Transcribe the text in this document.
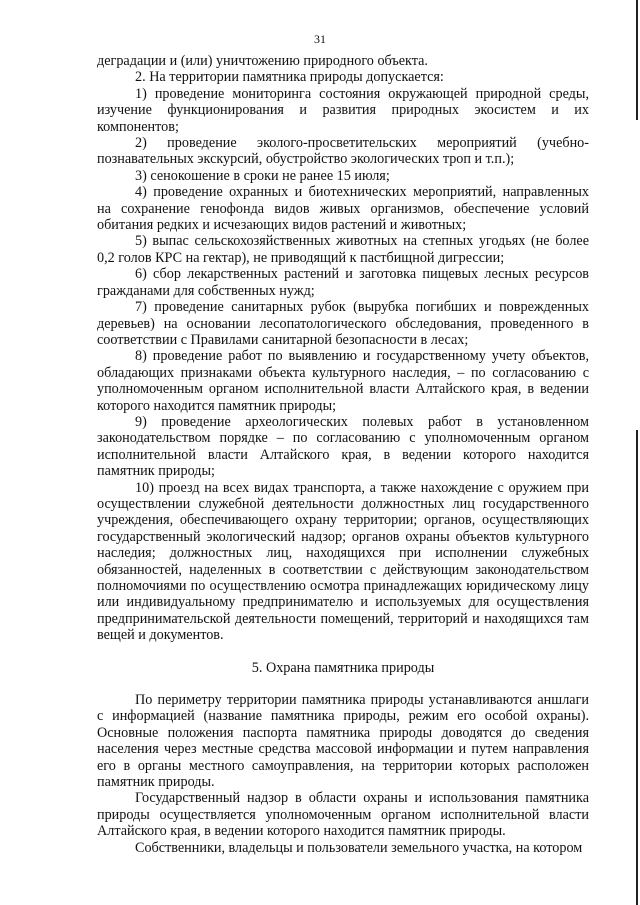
31

деградации и (или) уничтожению природного объекта.

2. На территории памятника природы допускается:

1) проведение мониторинга состояния окружающей природной среды, изучение функционирования и развития природных экосистем и их компонентов;

2) проведение эколого-просветительских мероприятий (учебно-познавательных экскурсий, обустройство экологических троп и т.п.);

3) сенокошение в сроки не ранее 15 июля;

4) проведение охранных и биотехнических мероприятий, направленных на сохранение генофонда видов живых организмов, обеспечение условий обитания редких и исчезающих видов растений и животных;

5) выпас сельскохозяйственных животных на степных угодьях (не более 0,2 голов КРС на гектар), не приводящий к пастбищной дигрессии;

6) сбор лекарственных растений и заготовка пищевых лесных ресурсов гражданами для собственных нужд;

7) проведение санитарных рубок (вырубка погибших и поврежденных деревьев) на основании лесопатологического обследования, проведенного в соответствии с Правилами санитарной безопасности в лесах;

8) проведение работ по выявлению и государственному учету объектов, обладающих признаками объекта культурного наследия, – по согласованию с уполномоченным органом исполнительной власти Алтайского края, в ведении которого находится памятник природы;

9) проведение археологических полевых работ в установленном законодательством порядке – по согласованию с уполномоченным органом исполнительной власти Алтайского края, в ведении которого находится памятник природы;

10) проезд на всех видах транспорта, а также нахождение с оружием при осуществлении служебной деятельности должностных лиц государственного учреждения, обеспечивающего охрану территории; органов, осуществляющих государственный экологический надзор; органов охраны объектов культурного наследия; должностных лиц, находящихся при исполнении служебных обязанностей, наделенных в соответствии с действующим законодательством полномочиями по осуществлению осмотра принадлежащих юридическому лицу или индивидуальному предпринимателю и используемых для осуществления предпринимательской деятельности помещений, территорий и находящихся там вещей и документов.

5. Охрана памятника природы

По периметру территории памятника природы устанавливаются аншлаги с информацией (название памятника природы, режим его особой охраны). Основные положения паспорта памятника природы доводятся до сведения населения через местные средства массовой информации и путем направления его в органы местного самоуправления, на территории которых расположен памятник природы.

Государственный надзор в области охраны и использования памятника природы осуществляется уполномоченным органом исполнительной власти Алтайского края, в ведении которого находится памятник природы.

Собственники, владельцы и пользователи земельного участка, на котором
